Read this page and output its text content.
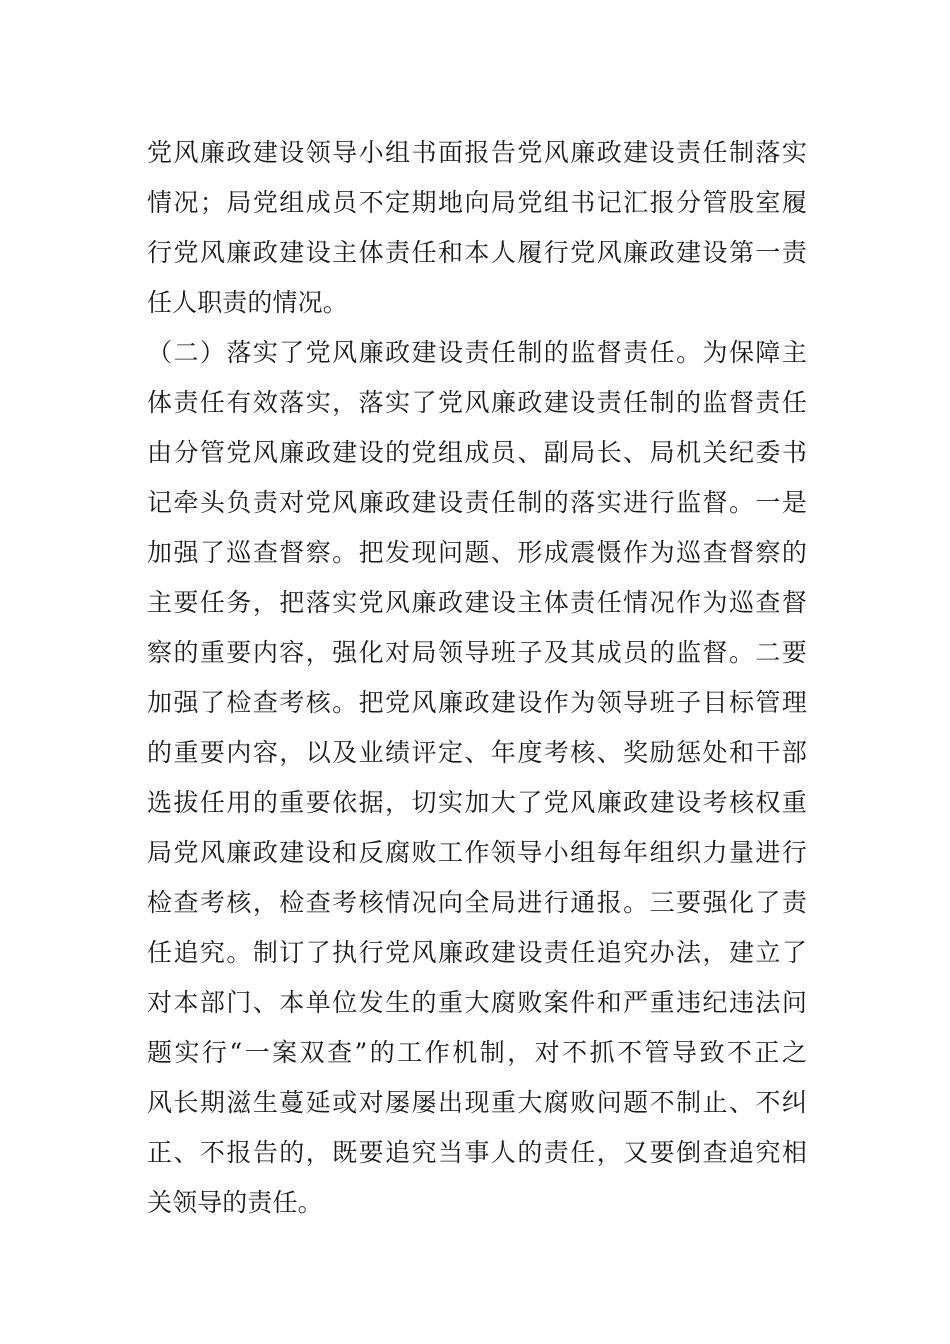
党风廉政建设领导小组书面报告党风廉政建设责任制落实
情况；局党组成员不定期地向局党组书记汇报分管股室履
行党风廉政建设主体责任和本人履行党风廉政建设第一责
任人职责的情况。
（二）落实了党风廉政建设责任制的监督责任。为保障主
体责任有效落实，落实了党风廉政建设责任制的监督责任
由分管党风廉政建设的党组成员、副局长、局机关纪委书
记牵头负责对党风廉政建设责任制的落实进行监督。一是
加强了巡查督察。把发现问题、形成震慑作为巡查督察的
主要任务，把落实党风廉政建设主体责任情况作为巡查督
察的重要内容，强化对局领导班子及其成员的监督。二要
加强了检查考核。把党风廉政建设作为领导班子目标管理
的重要内容，以及业绩评定、年度考核、奖励惩处和干部
选拔任用的重要依据，切实加大了党风廉政建设考核权重
局党风廉政建设和反腐败工作领导小组每年组织力量进行
检查考核，检查考核情况向全局进行通报。三要强化了责
任追究。制订了执行党风廉政建设责任追究办法，建立了
对本部门、本单位发生的重大腐败案件和严重违纪违法问
题实行“一案双查”的工作机制，对不抓不管导致不正之
风长期滋生蔓延或对屡屡出现重大腐败问题不制止、不纠
正、不报告的，既要追究当事人的责任，又要倒查追究相
关领导的责任。
